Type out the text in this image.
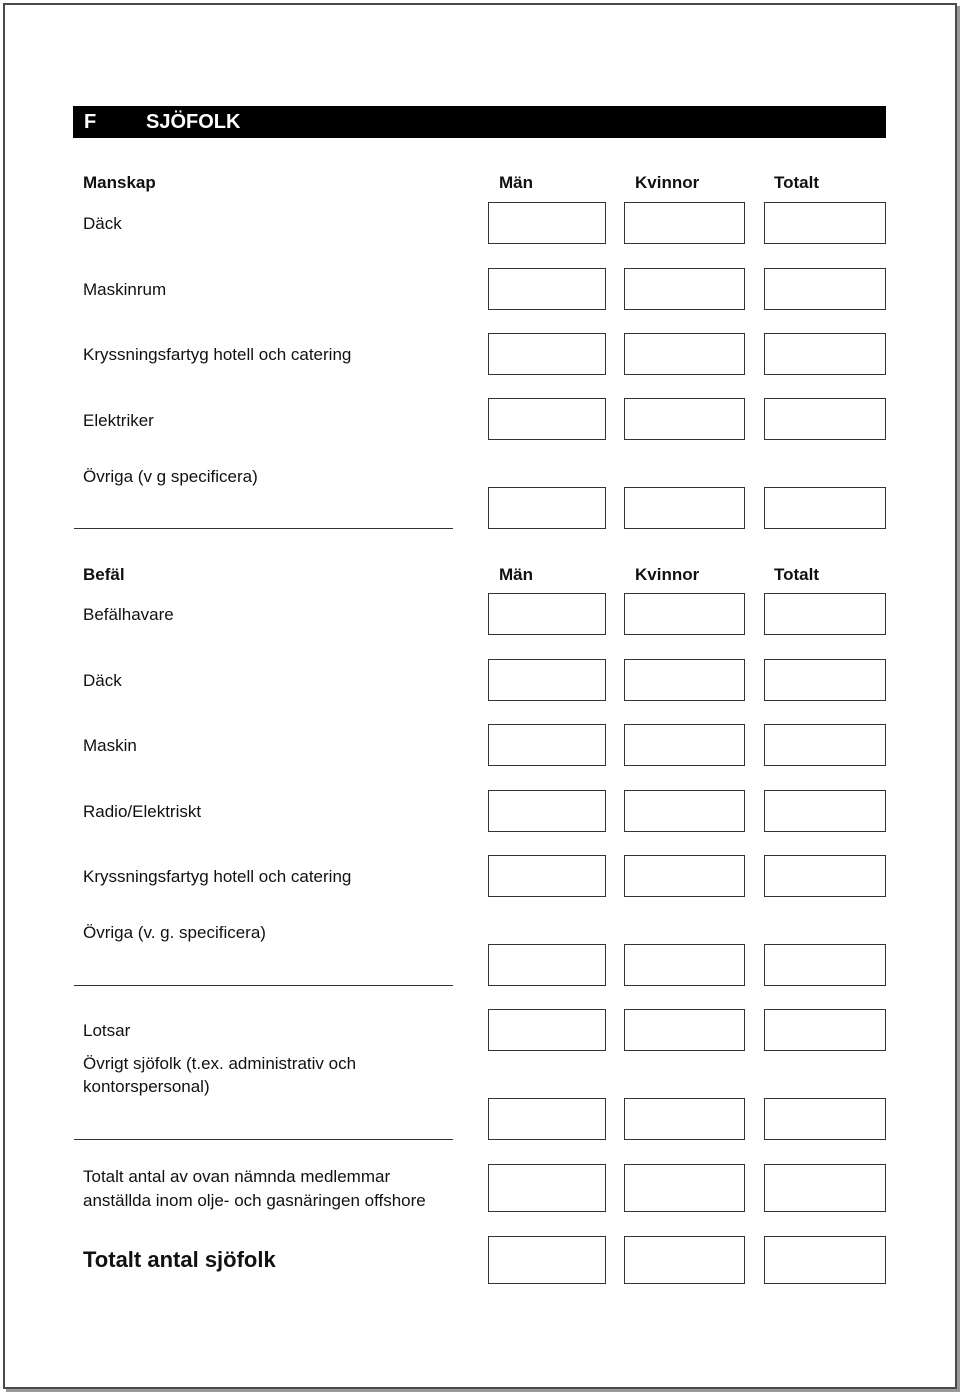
F SJÖFOLK
Manskap	Män	Kvinnor	Totalt
Däck
Maskinrum
Kryssningsfartyg hotell och catering
Elektriker
Övriga (v g specificera)
Befäl	Män	Kvinnor	Totalt
Befälhavare
Däck
Maskin
Radio/Elektriskt
Kryssningsfartyg hotell och catering
Övriga (v. g. specificera)
Lotsar
Övrigt sjöfolk (t.ex. administrativ och
kontorspersonal)
Totalt antal av ovan nämnda medlemmar
anställda inom olje- och gasnäringen offshore
Totalt antal sjöfolk
